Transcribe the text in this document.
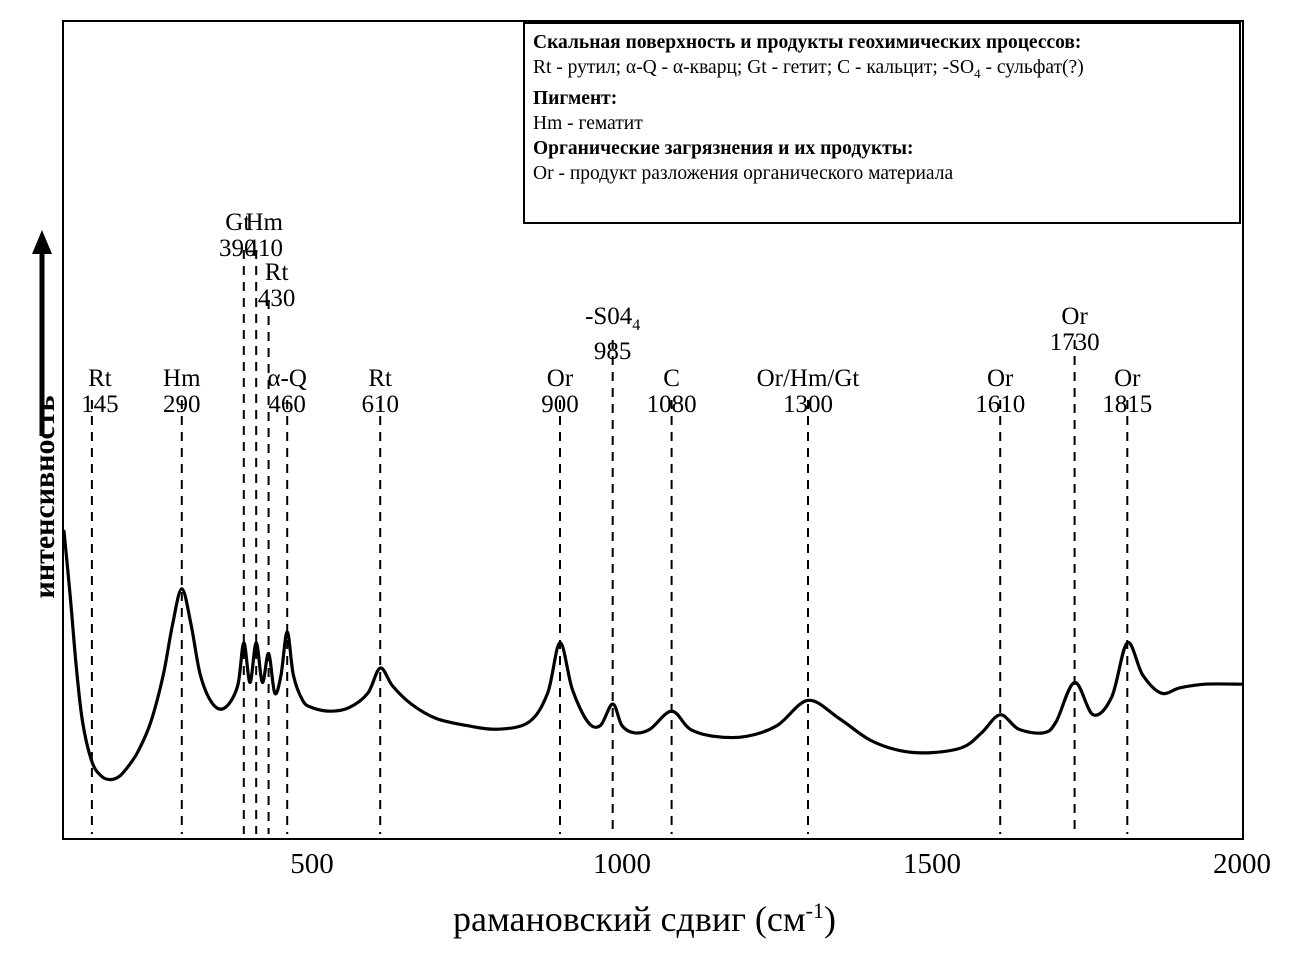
Скальная поверхность и продукты геохимических процессов:
Rt - рутил; α-Q - α-кварц; Gt - гетит; C - кальцит; $-SO_4$ - сульфат(?)
Пигмент:
Hm - гематит
Органические загрязнения и их продукты:
Or - продукт разложения органического материала
Rt
145
Hm
290
Gt
390
Hm
410
Rt
430
α-Q
460
Rt
610
Or
900
$-S04_4$
985
C
1080
Or/Hm/Gt
1300
Or
1610
Or
1730
Or
1815
500	1000	1500	2000
рамановский сдвиг $(см^{-1})$
интенсивность
